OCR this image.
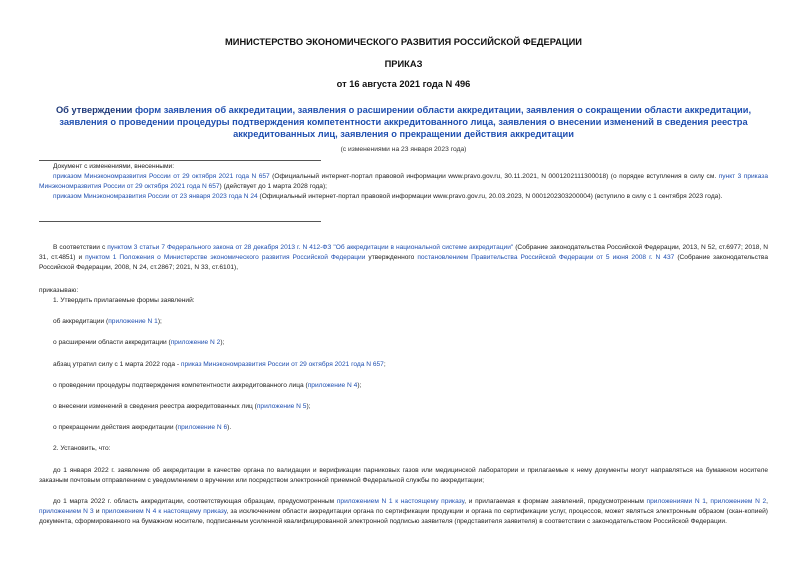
МИНИСТЕРСТВО ЭКОНОМИЧЕСКОГО РАЗВИТИЯ РОССИЙСКОЙ ФЕДЕРАЦИИ
ПРИКАЗ
от 16 августа 2021 года N 496
Об утверждении форм заявления об аккредитации, заявления о расширении области аккредитации, заявления о сокращении области аккредитации, заявления о проведении процедуры подтверждения компетентности аккредитованного лица, заявления о внесении изменений в сведения реестра аккредитованных лиц, заявления о прекращении действия аккредитации
(с изменениями на 23 января 2023 года)
Документ с изменениями, внесенными:
приказом Минэкономразвития России от 29 октября 2021 года N 657 (Официальный интернет-портал правовой информации www.pravo.gov.ru, 30.11.2021, N 0001202111300018) (о порядке вступления в силу см. пункт 3 приказа Минэкономразвития России от 29 октября 2021 года N 657) (действует до 1 марта 2028 года);
приказом Минэкономразвития России от 23 января 2023 года N 24 (Официальный интернет-портал правовой информации www.pravo.gov.ru, 20.03.2023, N 0001202303200004) (вступило в силу с 1 сентября 2023 года).
В соответствии с пунктом 3 статьи 7 Федерального закона от 28 декабря 2013 г. N 412-ФЗ "Об аккредитации в национальной системе аккредитации" (Собрание законодательства Российской Федерации, 2013, N 52, ст.6977; 2018, N 31, ст.4851) и пунктом 1 Положения о Министерстве экономического развития Российской Федерации утвержденного постановлением Правительства Российской Федерации от 5 июня 2008 г. N 437 (Собрание законодательства Российской Федерации, 2008, N 24, ст.2867; 2021, N 33, ст.6101),
приказываю:
1. Утвердить прилагаемые формы заявлений:
об аккредитации (приложение N 1);
о расширении области аккредитации (приложение N 2);
абзац утратил силу с 1 марта 2022 года - приказ Минэкономразвития России от 29 октября 2021 года N 657;
о проведении процедуры подтверждения компетентности аккредитованного лица (приложение N 4);
о внесении изменений в сведения реестра аккредитованных лиц (приложение N 5);
о прекращении действия аккредитации (приложение N 6).
2. Установить, что:
до 1 января 2022 г. заявление об аккредитации в качестве органа по валидации и верификации парниковых газов или медицинской лаборатории и прилагаемые к нему документы могут направляться на бумажном носителе заказным почтовым отправлением с уведомлением о вручении или посредством электронной приемной Федеральной службы по аккредитации;
до 1 марта 2022 г. область аккредитации, соответствующая образцам, предусмотренным приложением N 1 к настоящему приказу, и прилагаемая к формам заявлений, предусмотренным приложениями N 1, приложением N 2, приложением N 3 и приложением N 4 к настоящему приказу, за исключением области аккредитации органа по сертификации продукции и органа по сертификации услуг, процессов, может являться электронным образом (скан-копией) документа, сформированного на бумажном носителе, подписанным усиленной квалифицированной электронной подписью заявителя (представителя заявителя) в соответствии с законодательством Российской Федерации.
